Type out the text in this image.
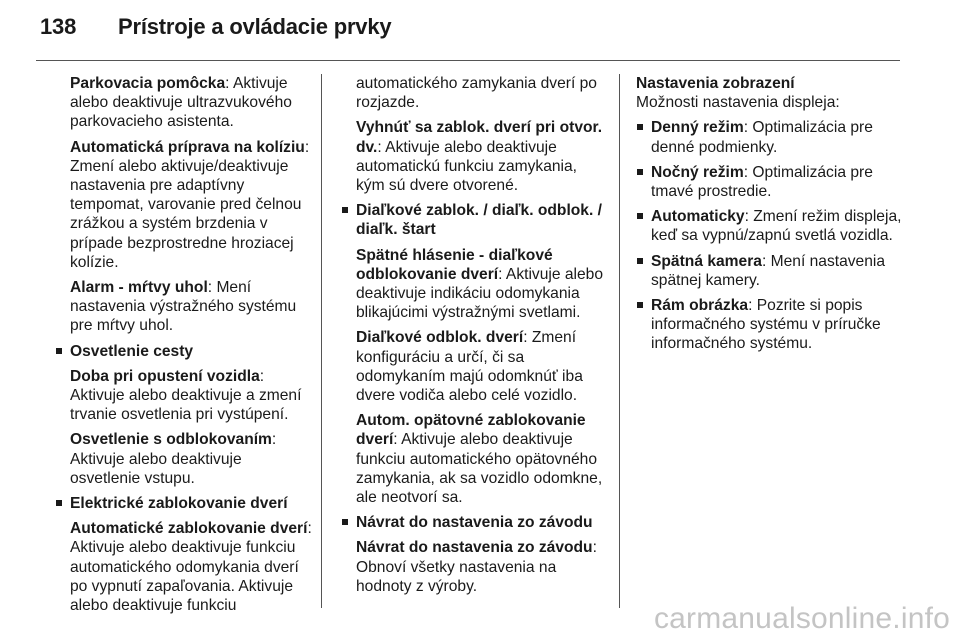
138 Prístroje a ovládacie prvky

Parkovacia pomôcka: Aktivuje alebo deaktivuje ultrazvukového parkovacieho asistenta.

Automatická príprava na kolíziu: Zmení alebo aktivuje/deaktivuje nastavenia pre adaptívny tempomat, varovanie pred čelnou zrážkou a systém brzdenia v prípade bezprostredne hroziacej kolízie.

Alarm - mŕtvy uhol: Mení nastavenia výstražného systému pre mŕtvy uhol.

Osvetlenie cesty

Doba pri opustení vozidla: Aktivuje alebo deaktivuje a zmení trvanie osvetlenia pri vystúpení.

Osvetlenie s odblokovaním: Aktivuje alebo deaktivuje osvetlenie vstupu.

Elektrické zablokovanie dverí

Automatické zablokovanie dverí: Aktivuje alebo deaktivuje funkciu automatického odomykania dverí po vypnutí zapaľovania. Aktivuje alebo deaktivuje funkciu

automatického zamykania dverí po rozjazde.

Vyhnúť sa zablok. dverí pri otvor. dv.: Aktivuje alebo deaktivuje automatickú funkciu zamykania, kým sú dvere otvorené.

Diaľkové zablok. / diaľk. odblok. / diaľk. štart

Spätné hlásenie - diaľkové odblokovanie dverí: Aktivuje alebo deaktivuje indikáciu odomykania blikajúcimi výstražnými svetlami.

Diaľkové odblok. dverí: Zmení konfiguráciu a určí, či sa odomykaním majú odomknúť iba dvere vodiča alebo celé vozidlo.

Autom. opätovné zablokovanie dverí: Aktivuje alebo deaktivuje funkciu automatického opätovného zamykania, ak sa vozidlo odomkne, ale neotvorí sa.

Návrat do nastavenia zo závodu

Návrat do nastavenia zo závodu: Obnoví všetky nastavenia na hodnoty z výroby.

Nastavenia zobrazení

Možnosti nastavenia displeja:

Denný režim: Optimalizácia pre denné podmienky.
Nočný režim: Optimalizácia pre tmavé prostredie.
Automaticky: Zmení režim displeja, keď sa vypnú/zapnú svetlá vozidla.
Spätná kamera: Mení nastavenia spätnej kamery.
Rám obrázka: Pozrite si popis informačného systému v príručke informačného systému.
carmanualsonline.info
